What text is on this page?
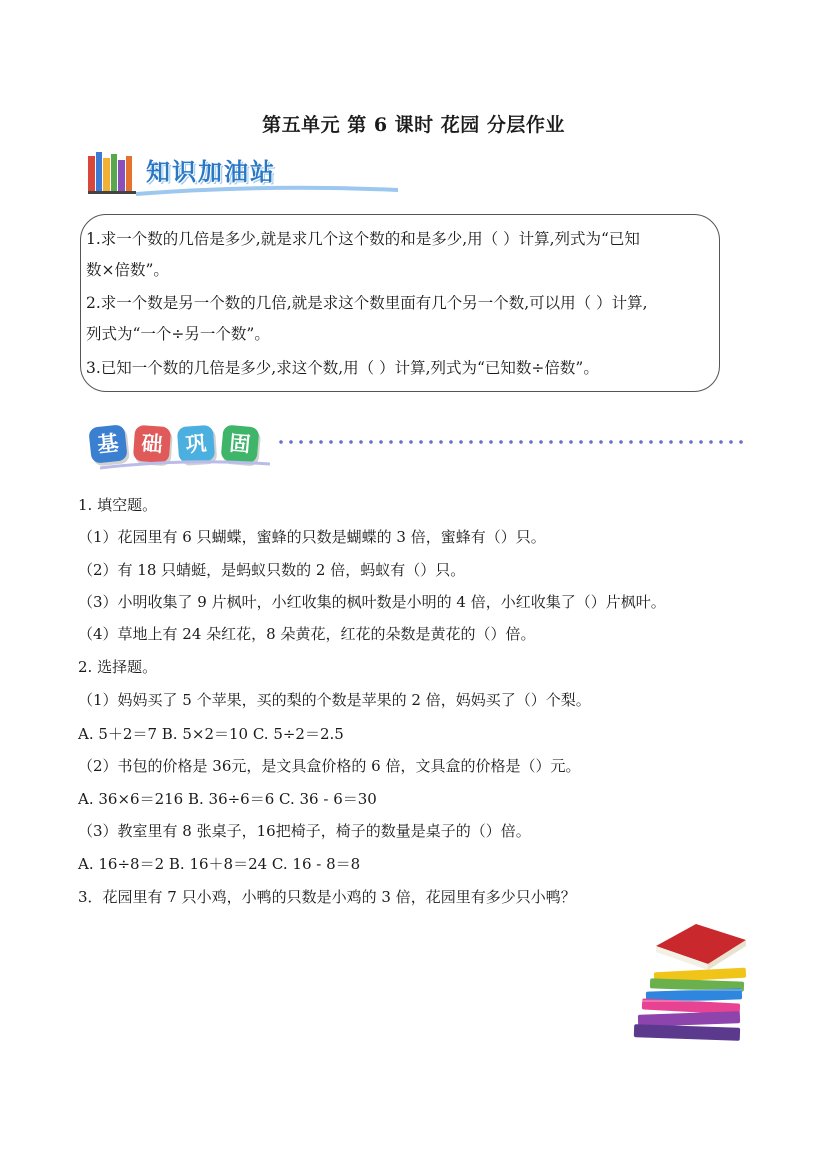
第五单元 第 6 课时 花园 分层作业
知识加油站
1.求一个数的几倍是多少,就是求几个这个数的和是多少,用（ ）计算,列式为“已知
数×倍数”。
2.求一个数是另一个数的几倍,就是求这个数里面有几个另一个数,可以用（ ）计算,
列式为“一个÷另一个数”。
3.已知一个数的几倍是多少,求这个数,用（ ）计算,列式为“已知数÷倍数”。
基 础	巩	固
1. 填空题。
（1）花园里有 6 只蝴蝶，蜜蜂的只数是蝴蝶的 3 倍，蜜蜂有（）只。
（2）有 18 只蜻蜓，是蚂蚁只数的 2 倍，蚂蚁有（）只。
（3）小明收集了 9 片枫叶，小红收集的枫叶数是小明的 4 倍，小红收集了（）片枫叶。
（4）草地上有 24 朵红花，8 朵黄花，红花的朵数是黄花的（）倍。
2. 选择题。
（1）妈妈买了 5 个苹果，买的梨的个数是苹果的 2 倍，妈妈买了（）个梨。
A. 5＋2＝7 B. 5×2＝10 C. 5÷2＝2.5
（2）书包的价格是 36元，是文具盒价格的 6 倍，文具盒的价格是（）元。
A. 36×6＝216 B. 36÷6＝6 C. 36 - 6＝30
（3）教室里有 8 张桌子，16把椅子，椅子的数量是桌子的（）倍。
A. 16÷8＝2 B. 16＋8＝24 C. 16 - 8＝8
3．花园里有 7 只小鸡，小鸭的只数是小鸡的 3 倍，花园里有多少只小鸭？
